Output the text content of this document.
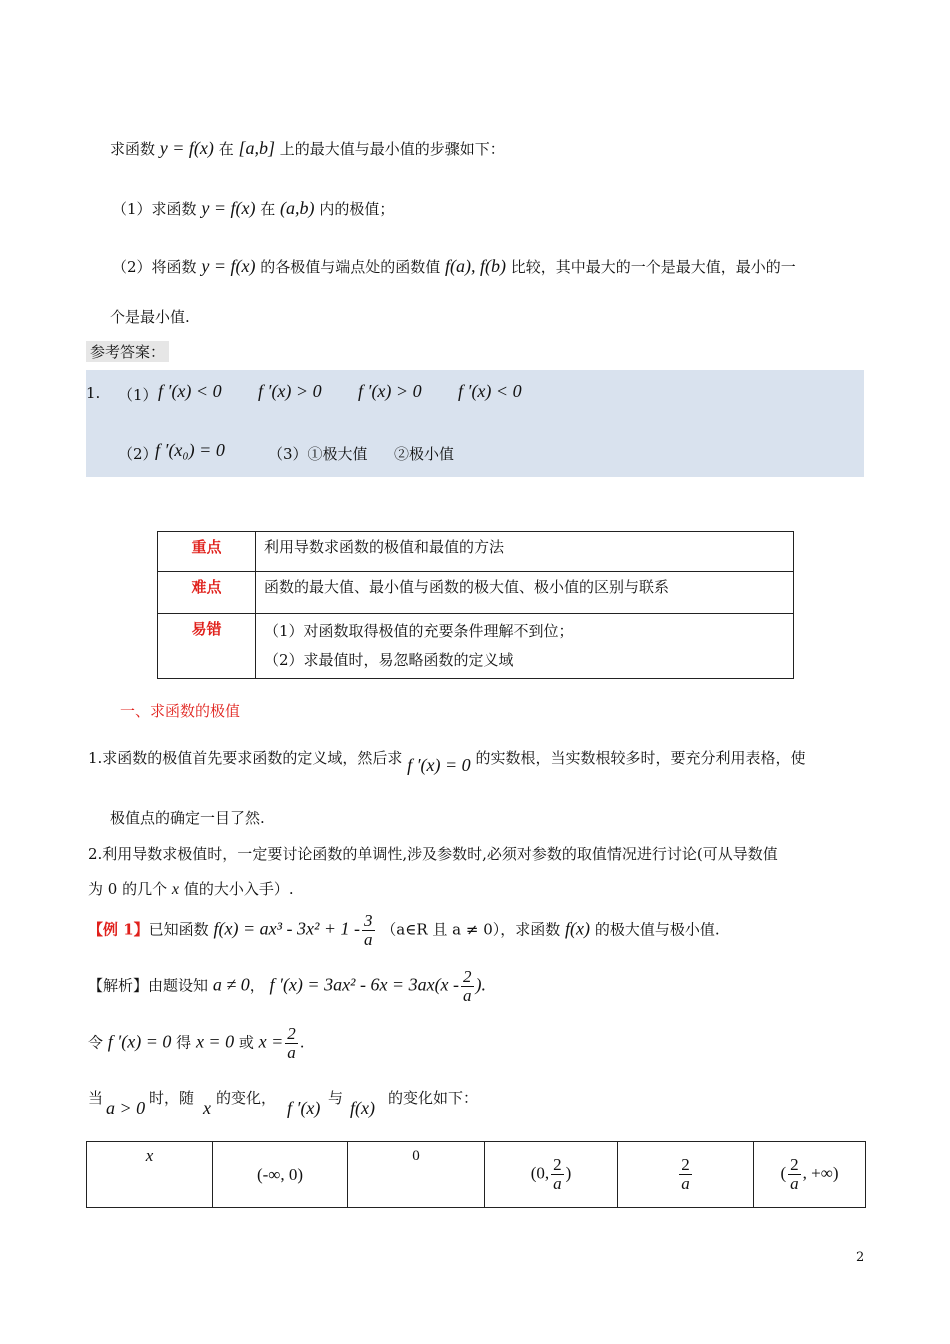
求函数 y = f(x) 在 [a,b] 上的最大值与最小值的步骤如下：
（1）求函数 y = f(x) 在 (a,b) 内的极值；
（2）将函数 y = f(x) 的各极值与端点处的函数值 f(a), f(b) 比较，其中最大的一个是最大值，最小的一
个是最小值.
参考答案：
1. （1） f ′(x) < 0 f ′(x) > 0 f ′(x) > 0 f ′(x) < 0
（2）
f ′(x₀) = 0	（3）①极大值 ②极小值
重点	利用导数求函数的极值和最值的方法
难点	函数的最大值、最小值与函数的极大值、极小值的区别与联系
易错	（1）对函数取得极值的充要条件理解不到位；
（2）求最值时，易忽略函数的定义域
一、求函数的极值
1.求函数的极值首先要求函数的定义域，然后求 f ′(x) = 0 的实数根，当实数根较多时，要充分利用表格，使
极值点的确定一目了然.
2.利用导数求极值时，一定要讨论函数的单调性,涉及参数时,必须对参数的取值情况进行讨论(可从导数值
为 0 的几个 x 值的大小入手）.
【例 1】已知函数 $f(x) = ax^3 - 3x^2 + 1 - \frac{3}{a}$ （a∈R 且 a ≠ 0），求函数 f(x) 的极大值与极小值.
【解析】由题设知 a ≠ 0， f $'(x) = 3ax^2 - 6x = 3ax(x - \frac{2}{a}$ ).
令 f ′(x) = 0 得 x = 0 或 $x = \frac{2}{a}$ .
当 a > 0 时，随 x 的变化， f ′(x) 与 f(x) 的变化如下：
x	(-∞, 0)	0	(0, $\frac{2}{a}$ )	$\frac{2}{a}$	( $\frac{2}{a}$ , +∞)
2
